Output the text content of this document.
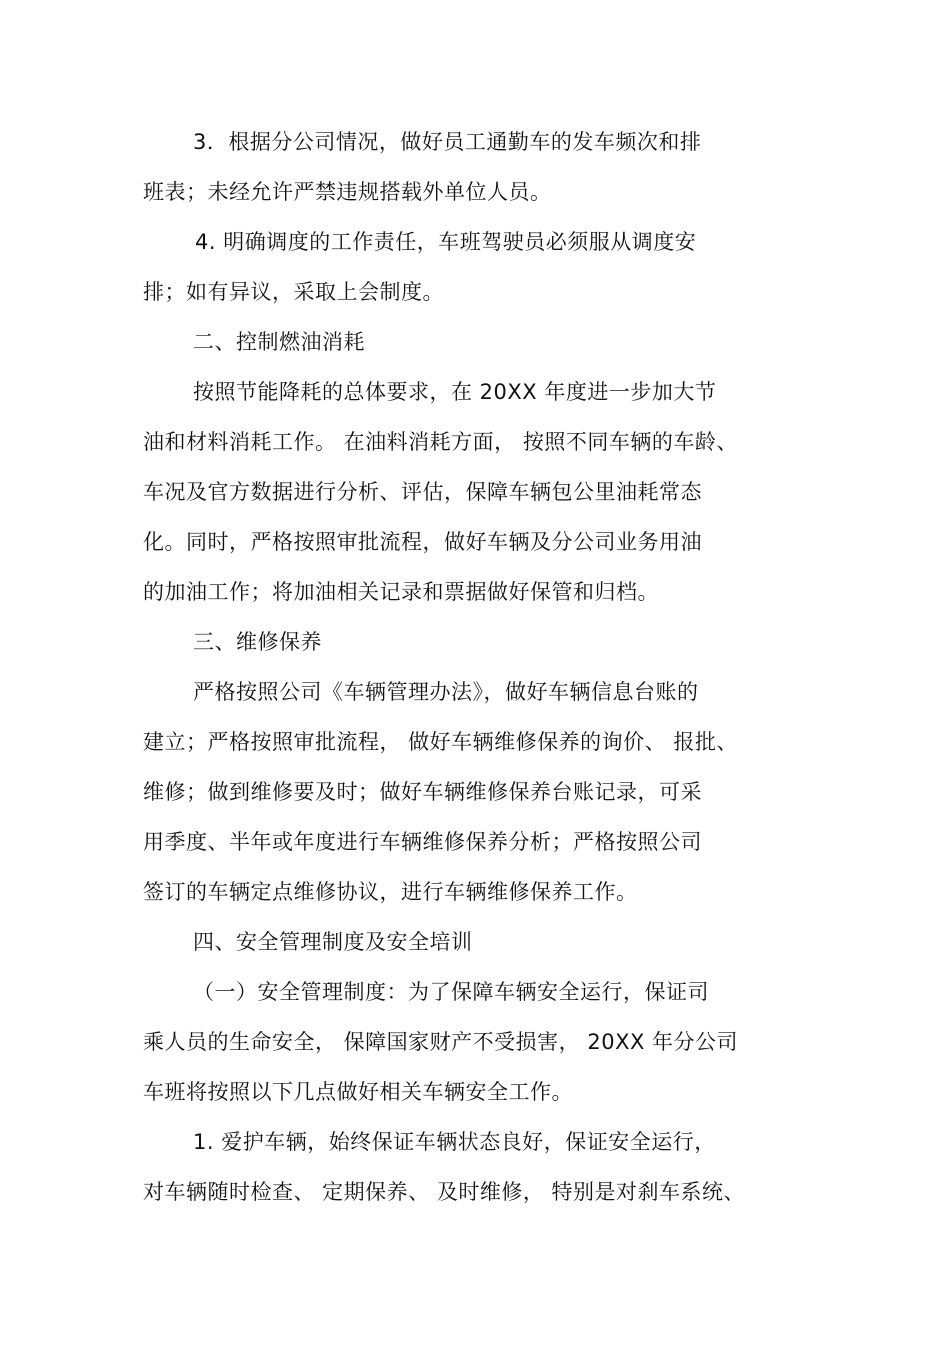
3．根据分公司情况，做好员工通勤车的发车频次和排
班表；未经允许严禁违规搭载外单位人员。
4. 明确调度的工作责任，车班驾驶员必须服从调度安
排；如有异议，采取上会制度。
二、控制燃油消耗
按照节能降耗的总体要求，在 20XX 年度进一步加大节
油和材料消耗工作。 在油料消耗方面， 按照不同车辆的车龄、
车况及官方数据进行分析、评估，保障车辆包公里油耗常态
化。同时，严格按照审批流程，做好车辆及分公司业务用油
的加油工作；将加油相关记录和票据做好保管和归档。
三、维修保养
严格按照公司《车辆管理办法》，做好车辆信息台账的
建立；严格按照审批流程， 做好车辆维修保养的询价、 报批、
维修；做到维修要及时；做好车辆维修保养台账记录，可采
用季度、半年或年度进行车辆维修保养分析；严格按照公司
签订的车辆定点维修协议，进行车辆维修保养工作。
四、安全管理制度及安全培训
（一）安全管理制度：为了保障车辆安全运行，保证司
乘人员的生命安全， 保障国家财产不受损害， 20XX 年分公司
车班将按照以下几点做好相关车辆安全工作。
1. 爱护车辆，始终保证车辆状态良好，保证安全运行，
对车辆随时检查、 定期保养、 及时维修， 特别是对刹车系统、
